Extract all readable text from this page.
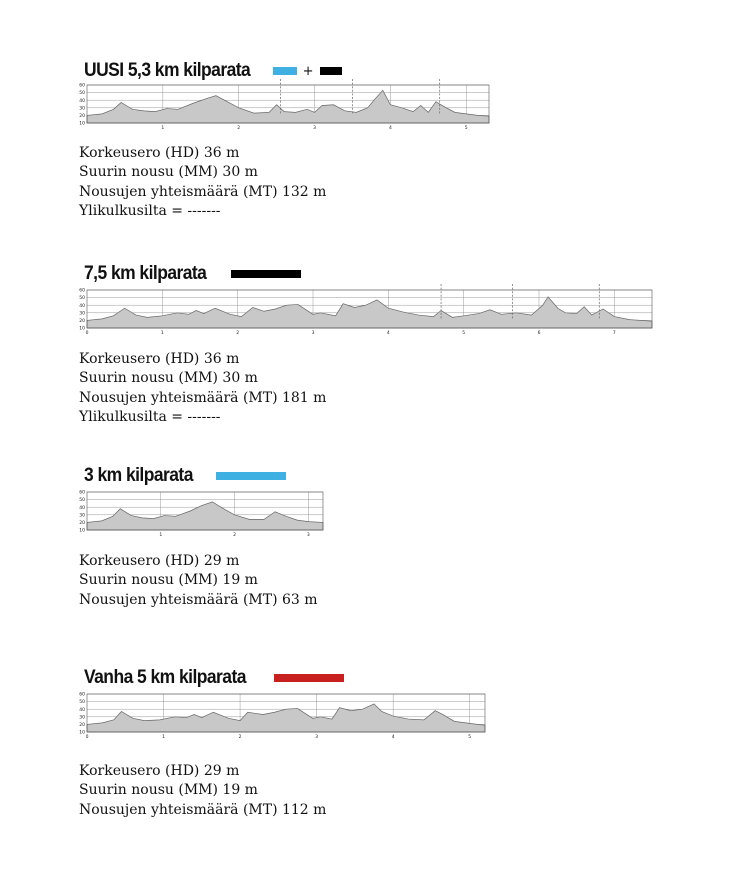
UUSI 5,3 km kilparata	+
60
50
40
30
20
10
1	2	3	4	5
Korkeusero (HD) 36 m
Suurin nousu (MM) 30 m
Nousujen yhteismäärä (MT) 132 m
Ylikulkusilta = -------
7,5 km kilparata
60
50
40
30
20
10
0	1	2	3	4	5	6	7
Korkeusero (HD) 36 m
Suurin nousu (MM) 30 m
Nousujen yhteismäärä (MT) 181 m
Ylikulkusilta = -------
3 km kilparata
60
50
40
30
20
10
1	2	3
Korkeusero (HD) 29 m
Suurin nousu (MM) 19 m
Nousujen yhteismäärä (MT) 63 m
Vanha 5 km kilparata
60
50
40
30
20
10
0	1	2	3	4	5
Korkeusero (HD) 29 m
Suurin nousu (MM) 19 m
Nousujen yhteismäärä (MT) 112 m
